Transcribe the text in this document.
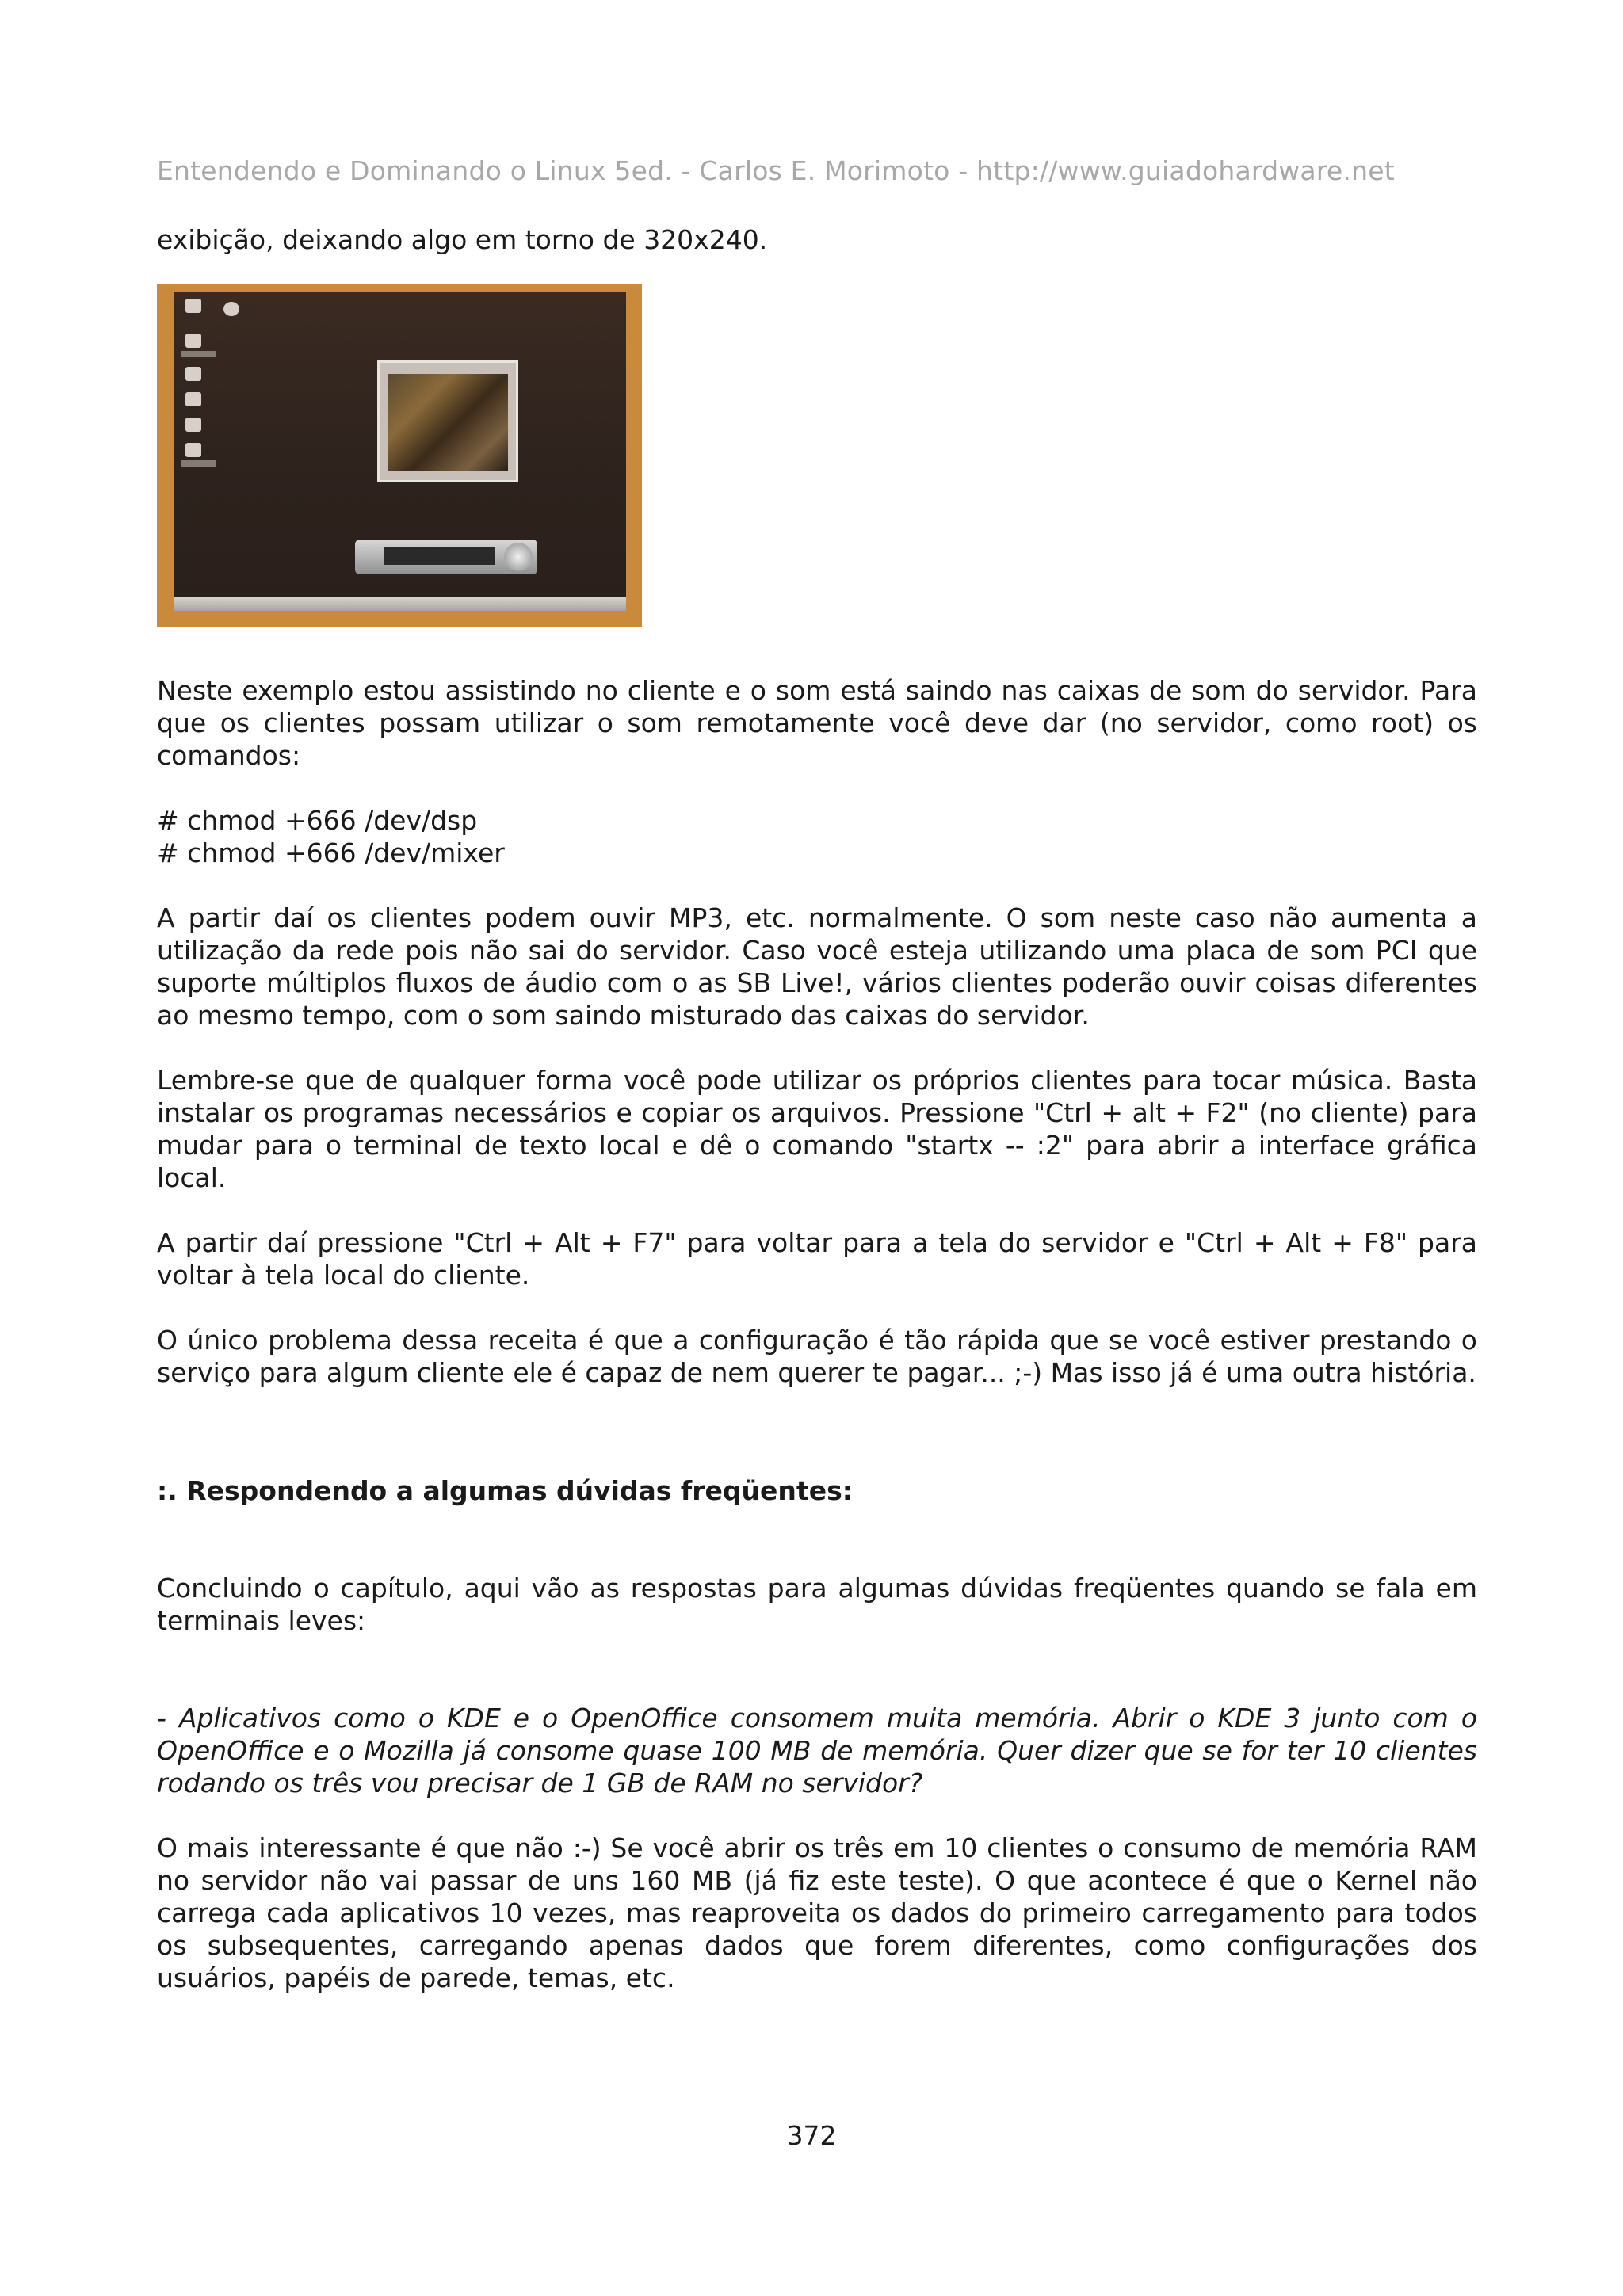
Entendendo e Dominando o Linux 5ed. - Carlos E. Morimoto - http://www.guiadohardware.net

exibição, deixando algo em torno de 320x240.

Neste exemplo estou assistindo no cliente e o som está saindo nas caixas de som do servidor. Para que os clientes possam utilizar o som remotamente você deve dar (no servidor, como root) os comandos:

# chmod +666 /dev/dsp

# chmod +666 /dev/mixer

A partir daí os clientes podem ouvir MP3, etc. normalmente. O som neste caso não aumenta a utilização da rede pois não sai do servidor. Caso você esteja utilizando uma placa de som PCI que suporte múltiplos fluxos de áudio com o as SB Live!, vários clientes poderão ouvir coisas diferentes ao mesmo tempo, com o som saindo misturado das caixas do servidor.

Lembre-se que de qualquer forma você pode utilizar os próprios clientes para tocar música. Basta instalar os programas necessários e copiar os arquivos. Pressione "Ctrl + alt + F2" (no cliente) para mudar para o terminal de texto local e dê o comando "startx -- :2" para abrir a interface gráfica local.

A partir daí pressione "Ctrl + Alt + F7" para voltar para a tela do servidor e "Ctrl + Alt + F8" para voltar à tela local do cliente.

O único problema dessa receita é que a configuração é tão rápida que se você estiver prestando o serviço para algum cliente ele é capaz de nem querer te pagar... ;-) Mas isso já é uma outra história.

:. Respondendo a algumas dúvidas freqüentes:

Concluindo o capítulo, aqui vão as respostas para algumas dúvidas freqüentes quando se fala em terminais leves:

- Aplicativos como o KDE e o OpenOffice consomem muita memória. Abrir o KDE 3 junto com o OpenOffice e o Mozilla já consome quase 100 MB de memória. Quer dizer que se for ter 10 clientes rodando os três vou precisar de 1 GB de RAM no servidor?

O mais interessante é que não :-) Se você abrir os três em 10 clientes o consumo de memória RAM no servidor não vai passar de uns 160 MB (já fiz este teste). O que acontece é que o Kernel não carrega cada aplicativos 10 vezes, mas reaproveita os dados do primeiro carregamento para todos os subsequentes, carregando apenas dados que forem diferentes, como configurações dos usuários, papéis de parede, temas, etc.

372
